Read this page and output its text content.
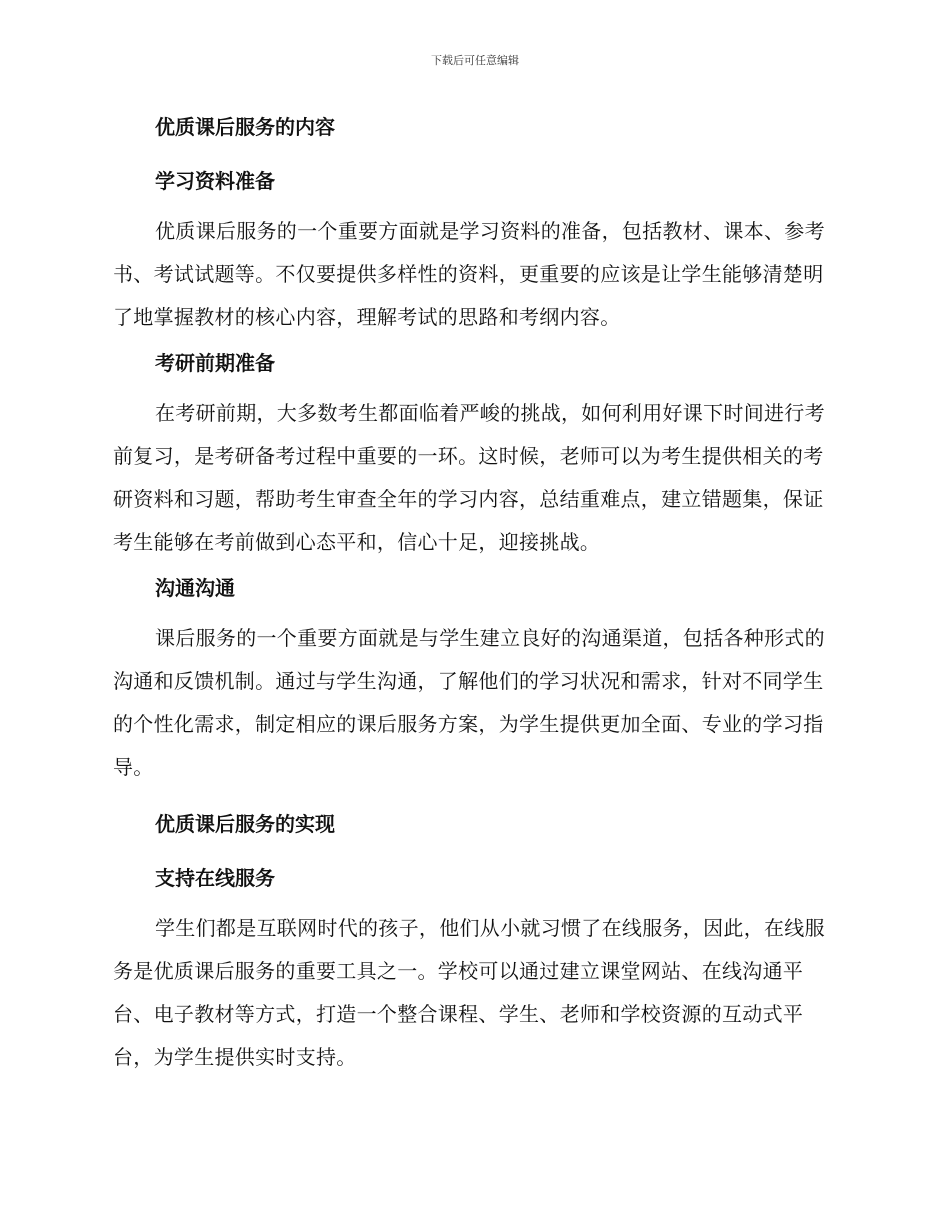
下载后可任意编辑
优质课后服务的内容
学习资料准备

优质课后服务的一个重要方面就是学习资料的准备，包括教材、课本、参考书、考试试题等。不仅要提供多样性的资料，更重要的应该是让学生能够清楚明了地掌握教材的核心内容，理解考试的思路和考纲内容。

考研前期准备

在考研前期，大多数考生都面临着严峻的挑战，如何利用好课下时间进行考前复习，是考研备考过程中重要的一环。这时候，老师可以为考生提供相关的考研资料和习题，帮助考生审查全年的学习内容，总结重难点，建立错题集，保证考生能够在考前做到心态平和，信心十足，迎接挑战。

沟通沟通

课后服务的一个重要方面就是与学生建立良好的沟通渠道，包括各种形式的沟通和反馈机制。通过与学生沟通，了解他们的学习状况和需求，针对不同学生的个性化需求，制定相应的课后服务方案，为学生提供更加全面、专业的学习指导。

优质课后服务的实现
支持在线服务

学生们都是互联网时代的孩子，他们从小就习惯了在线服务，因此，在线服务是优质课后服务的重要工具之一。学校可以通过建立课堂网站、在线沟通平台、电子教材等方式，打造一个整合课程、学生、老师和学校资源的互动式平台，为学生提供实时支持。
